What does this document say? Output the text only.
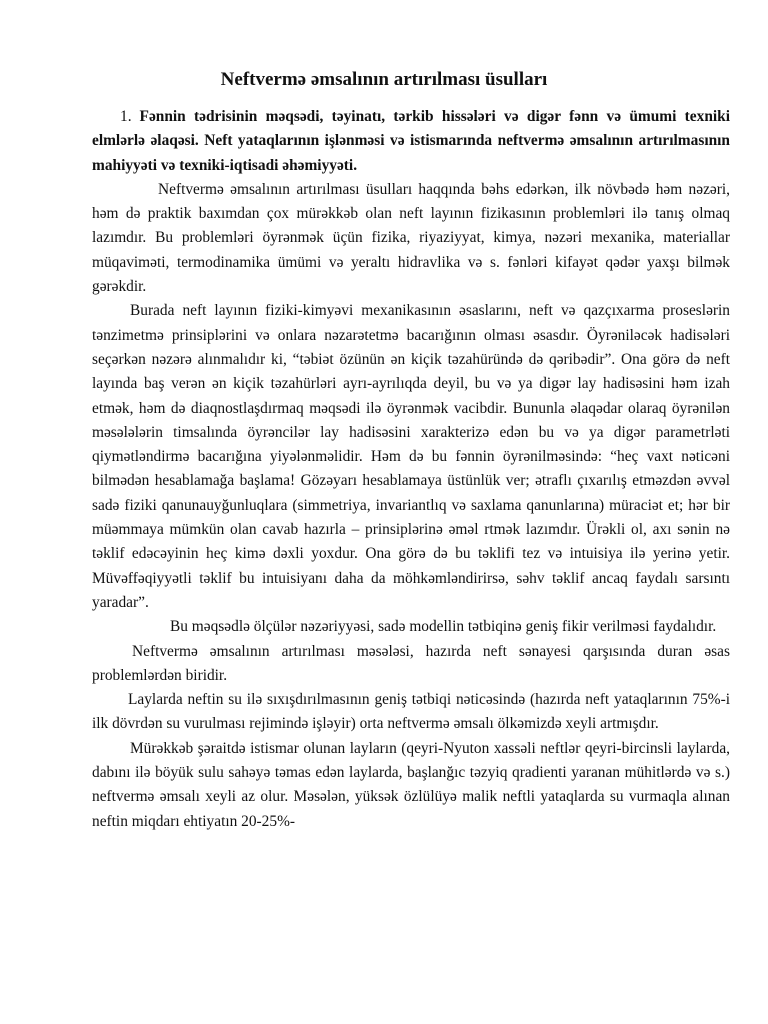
Neftvermə əmsalının artırılması üsulları

1. Fənnin tədrisinin məqsədi, təyinatı, tərkib hissələri və digər fənn və ümumi texniki elmlərlə əlaqəsi. Neft yataqlarının işlənməsi və istismarında neftvermə əmsalının artırılmasının mahiyyəti və texniki-iqtisadi əhəmiyyəti.

Neftvermə əmsalının artırılması üsulları haqqında bəhs edərkən, ilk növbədə həm nəzəri, həm də praktik baxımdan çox mürəkkəb olan neft layının fizikasının problemləri ilə tanış olmaq lazımdır. Bu problemləri öyrənmək üçün fizika, riyaziyyat, kimya, nəzəri mexanika, materiallar müqaviməti, termodinamika ümümi və yeraltı hidravlika və s. fənləri kifayət qədər yaxşı bilmək gərəkdir.

Burada neft layının fiziki-kimyəvi mexanikasının əsaslarını, neft və qazçıxarma proseslərin tənzimetmə prinsiplərini və onlara nəzarətetmə bacarığının olması əsasdır. Öyrəniləcək hadisələri seçərkən nəzərə alınmalıdır ki, “təbiət özünün ən kiçik təzahüründə də qəribədir”. Ona görə də neft layında baş verən ən kiçik təzahürləri ayrı-ayrılıqda deyil, bu və ya digər lay hadisəsini həm izah etmək, həm də diaqnostlaşdırmaq məqsədi ilə öyrənmək vacibdir. Bununla əlaqədar olaraq öyrənilən məsələlərin timsalında öyrəncilər lay hadisəsini xarakterizə edən bu və ya digər parametrləti qiymətləndirmə bacarığına yiyələnməlidir. Həm də bu fənnin öyrənilməsində: “heç vaxt nəticəni bilmədən hesablamağa başlama! Gözəyarı hesablamaya üstünlük ver; ətraflı çıxarılış etməzdən əvvəl sadə fiziki qanunauyğunluqlara (simmetriya, invariantlıq və saxlama qanunlarına) müraciət et; hər bir müəmmaya mümkün olan cavab hazırla – prinsiplərinə əməl rtmək lazımdır. Ürəkli ol, axı sənin nə təklif edəcəyinin heç kimə dəxli yoxdur. Ona görə də bu təklifi tez və intuisiya ilə yerinə yetir. Müvəffəqiyyətli təklif bu intuisiyanı daha da möhkəmləndirirsə, səhv təklif ancaq faydalı sarsıntı yaradar”.

Bu məqsədlə ölçülər nəzəriyyəsi, sadə modellin tətbiqinə geniş fikir verilməsi faydalıdır.

Neftvermə əmsalının artırılması məsələsi, hazırda neft sənayesi qarşısında duran əsas problemlərdən biridir.

Laylarda neftin su ilə sıxışdırılmasının geniş tətbiqi nəticəsində (hazırda neft yataqlarının 75%-i ilk dövrdən su vurulması rejimində işləyir) orta neftvermə əmsalı ölkəmizdə xeyli artmışdır.

Mürəkkəb şəraitdə istismar olunan layların (qeyri-Nyuton xassəli neftlər qeyri-bircinsli laylarda, dabını ilə böyük sulu sahəyə təmas edən laylarda, başlanğıc təzyiq qradienti yaranan mühitlərdə və s.) neftvermə əmsalı xeyli az olur. Məsələn, yüksək özlülüyə malik neftli yataqlarda su vurmaqla alınan neftin miqdarı ehtiyatın 20-25%-
